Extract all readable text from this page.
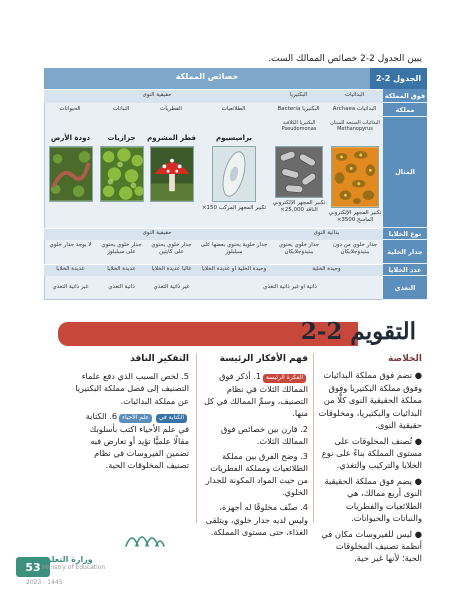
يبين الجدول 2-2 خصائص الممالك الست.
خصائص المملكة	الجدول 2-2
فوق المملكة
مملكة
المثال
نوع الخلايا
جدار الخلية
عدد الخلايا
التغذي
البدائيات
البكتيريا
حقيقية النوى
البدائيات Archaea
البكتيريا Bacteria
الطلائعيات
الفطريات
النباتات
الحيوانات
البدائيات المنتجة للميثان Methanopyrus
تكبير المجهر الإلكتروني الماسح 3500×
البكتيريا الكلافية Pseudomonas
تكبير المجهر الإلكتروني الناقد 25,000×
براميسيوم
تكبير المجهر المركب 150×
فطر المشروم
حزازيات
دودة الأرض
بدائية النوى
حقيقية النوى
جدار خلوي من دون ببتيدوجلايكان
جدار خلوي يحتوي ببتيدوجلايكان
جدار خلوية يحتوي بعضها على سيليلوز
جدار خلوي يحتوي على كايتين
جدار خلوي يحتوي على سيليلوز
لا يوجد جدار خلوي
وحيدة الخلية
وحيدة الخلية أو عديدة الخلايا
غالبا عديدة الخلايا
عديدة الخلايا
عديدة الخلايا
ذاتية أو غير ذاتية التغذي
غير ذاتية التغذي
ذاتية التغذي
غير ذاتية التغذي
التقويم 2-2
الخلاصة

● تضم فوق مملكة البدائيات وفوق مملكة البكتيريا وفوق مملكة الحقيقية النوى كلًّا من البدائيات والبكتيريا، ومخلوقات حقيقية النوى.

● تُصنف المخلوقات على مستوى المملكة بناءً على نوع الخلايا والتركيب والتغذي.

● يضم فوق مملكة الحقيقية النوى أربع ممالك، هي الطلائعيات والفطريات والنباتات والحيوانات.

● ليس للفيروسات مكان في أنظمة تصنيف المخلوقات الحية؛ لأنها غير حية.

فهم الأفكار الرئيسة

الفكرة الرئيسة1. أذكر فوق الممالك الثلاث في نظام التصنيف، وسمِّ الممالك في كل منها.

2. قارن بين خصائص فوق الممالك الثلاث.

3. وضح الفرق بين مملكة الطلائعيات ومملكة الفطريات من حيث المواد المكونة للجدار الخلوي.

4. صنّف مخلوقًا له أجهزة، وليس لديه جدار خلوي، ويتلقى الغذاء، حتى مستوى المملكة.

التفكير الناقد

5. لخص السبب الذي دفع علماء التصنيف إلى فصل مملكة البكتيريا عن مملكة البدائيات.

الكتابة فيعلم الأحياء6. الكتابة في علم الأحياء اكتب بأسلوبك مقالًا علميًّا تؤيد أو تعارض فيه تضمين الفيروسات في نظام تصنيف المخلوقات الحية.

53
وزارة التعليم
Ministry of Education
2023 - 1445
